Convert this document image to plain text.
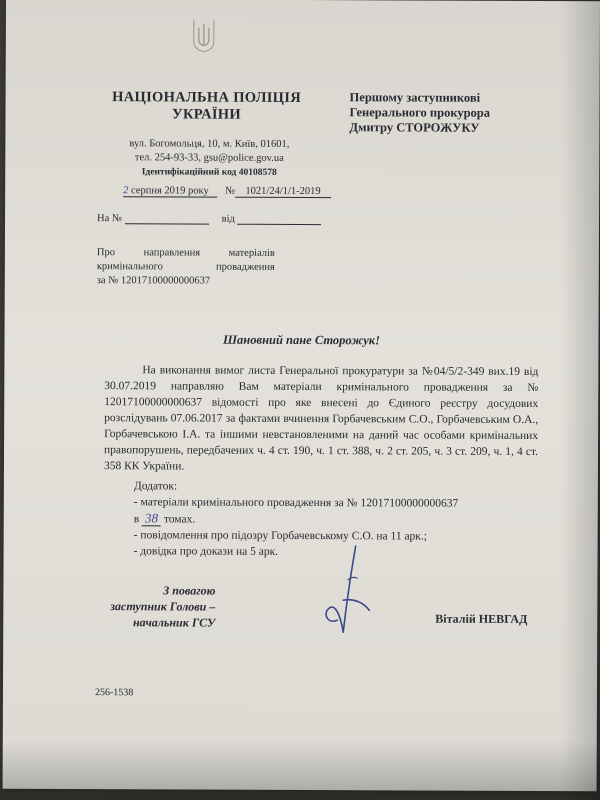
НАЦІОНАЛЬНА ПОЛІЦІЯ
УКРАЇНИ
Першому заступникові
Генерального прокурора
Дмитру СТОРОЖУКУ
вул. Богомольця, 10, м. Київ, 01601,
тел. 254-93-33, gsu@police.gov.ua
Ідентифікаційний код 40108578
2 серпня 2019 року № 1021/24/1/1-2019
На №	від
Про направлення матеріалів
кримінального провадження
за № 12017100000000637
Шановний пане Сторожук!
На виконання вимог листа Генеральної прокуратури за №04/5/2-349 вих.19 від 30.07.2019 направляю Вам матеріали кримінального провадження за № 12017100000000637 відомості про яке внесені до Єдиного реєстру досудових розслідувань 07.06.2017 за фактами вчинення Горбачевським С.О., Горбачевським О.А., Горбачевською І.А. та іншими невстановленими на даний час особами кримінальних правопорушень, передбачених ч. 4 ст. 190, ч. 1 ст. 388, ч. 2 ст. 205, ч. 3 ст. 209, ч. 1, 4 ст. 358 КК України.
Додаток:
- матеріали кримінального провадження за № 12017100000000637
в 38 томах.
- повідомлення про підозру Горбачевському С.О. на 11 арк.;
- довідка про докази на 5 арк.
З повагою
заступник Голови –
начальник ГСУ	Віталій НЕВГАД
256-1538
